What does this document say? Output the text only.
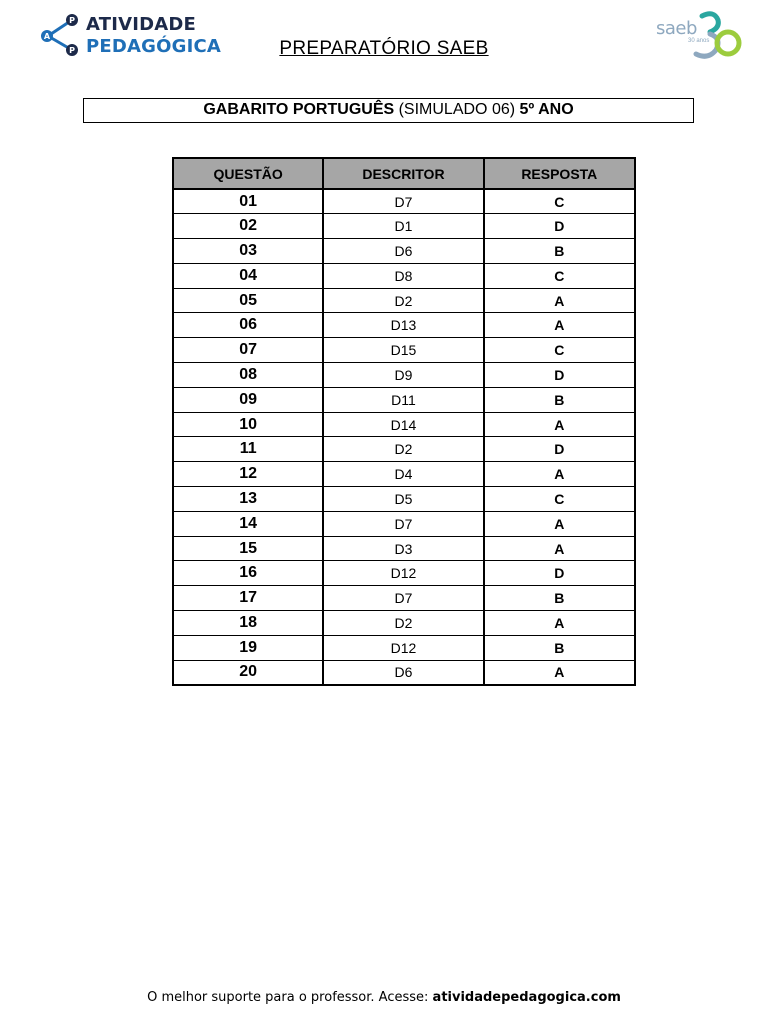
P
A
P
ATIVIDADE
PEDAGÓGICA	PREPARATÓRIO SAEB
saeb
30 anos
GABARITO PORTUGUÊS (SIMULADO 06) 5º ANO
QUESTÃO	DESCRITOR	RESPOSTA
01	D7	C
02	D1	D
03	D6	B
04	D8	C
05	D2	A
06	D13	A
07	D15	C
08	D9	D
09	D11	B
10	D14	A
11	D2	D
12	D4	A
13	D5	C
14	D7	A
15	D3	A
16	D12	D
17	D7	B
18	D2	A
19	D12	B
20	D6	A
O melhor suporte para o professor. Acesse: atividadepedagogica.com
